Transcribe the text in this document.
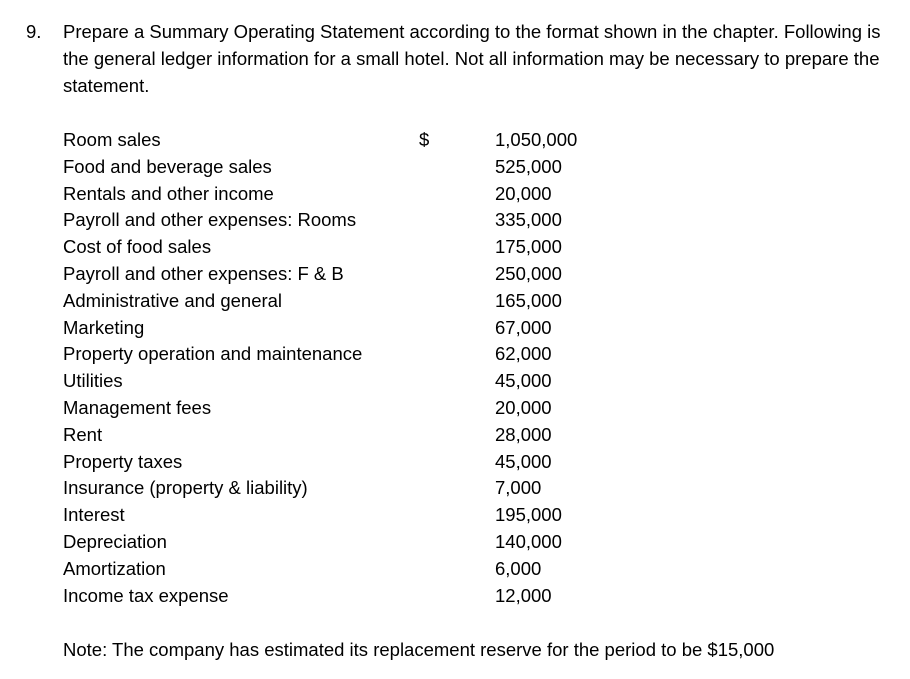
9. Prepare a Summary Operating Statement according to the format shown in the chapter. Following is the general ledger information for a small hotel. Not all information may be necessary to prepare the statement.
Room sales	$	1,050,000
Food and beverage sales	525,000
Rentals and other income	20,000
Payroll and other expenses: Rooms	335,000
Cost of food sales	175,000
Payroll and other expenses: F & B	250,000
Administrative and general	165,000
Marketing	67,000
Property operation and maintenance	62,000
Utilities	45,000
Management fees	20,000
Rent	28,000
Property taxes	45,000
Insurance (property & liability)	7,000
Interest	195,000
Depreciation	140,000
Amortization	6,000
Income tax expense	12,000
Note: The company has estimated its replacement reserve for the period to be $15,000
